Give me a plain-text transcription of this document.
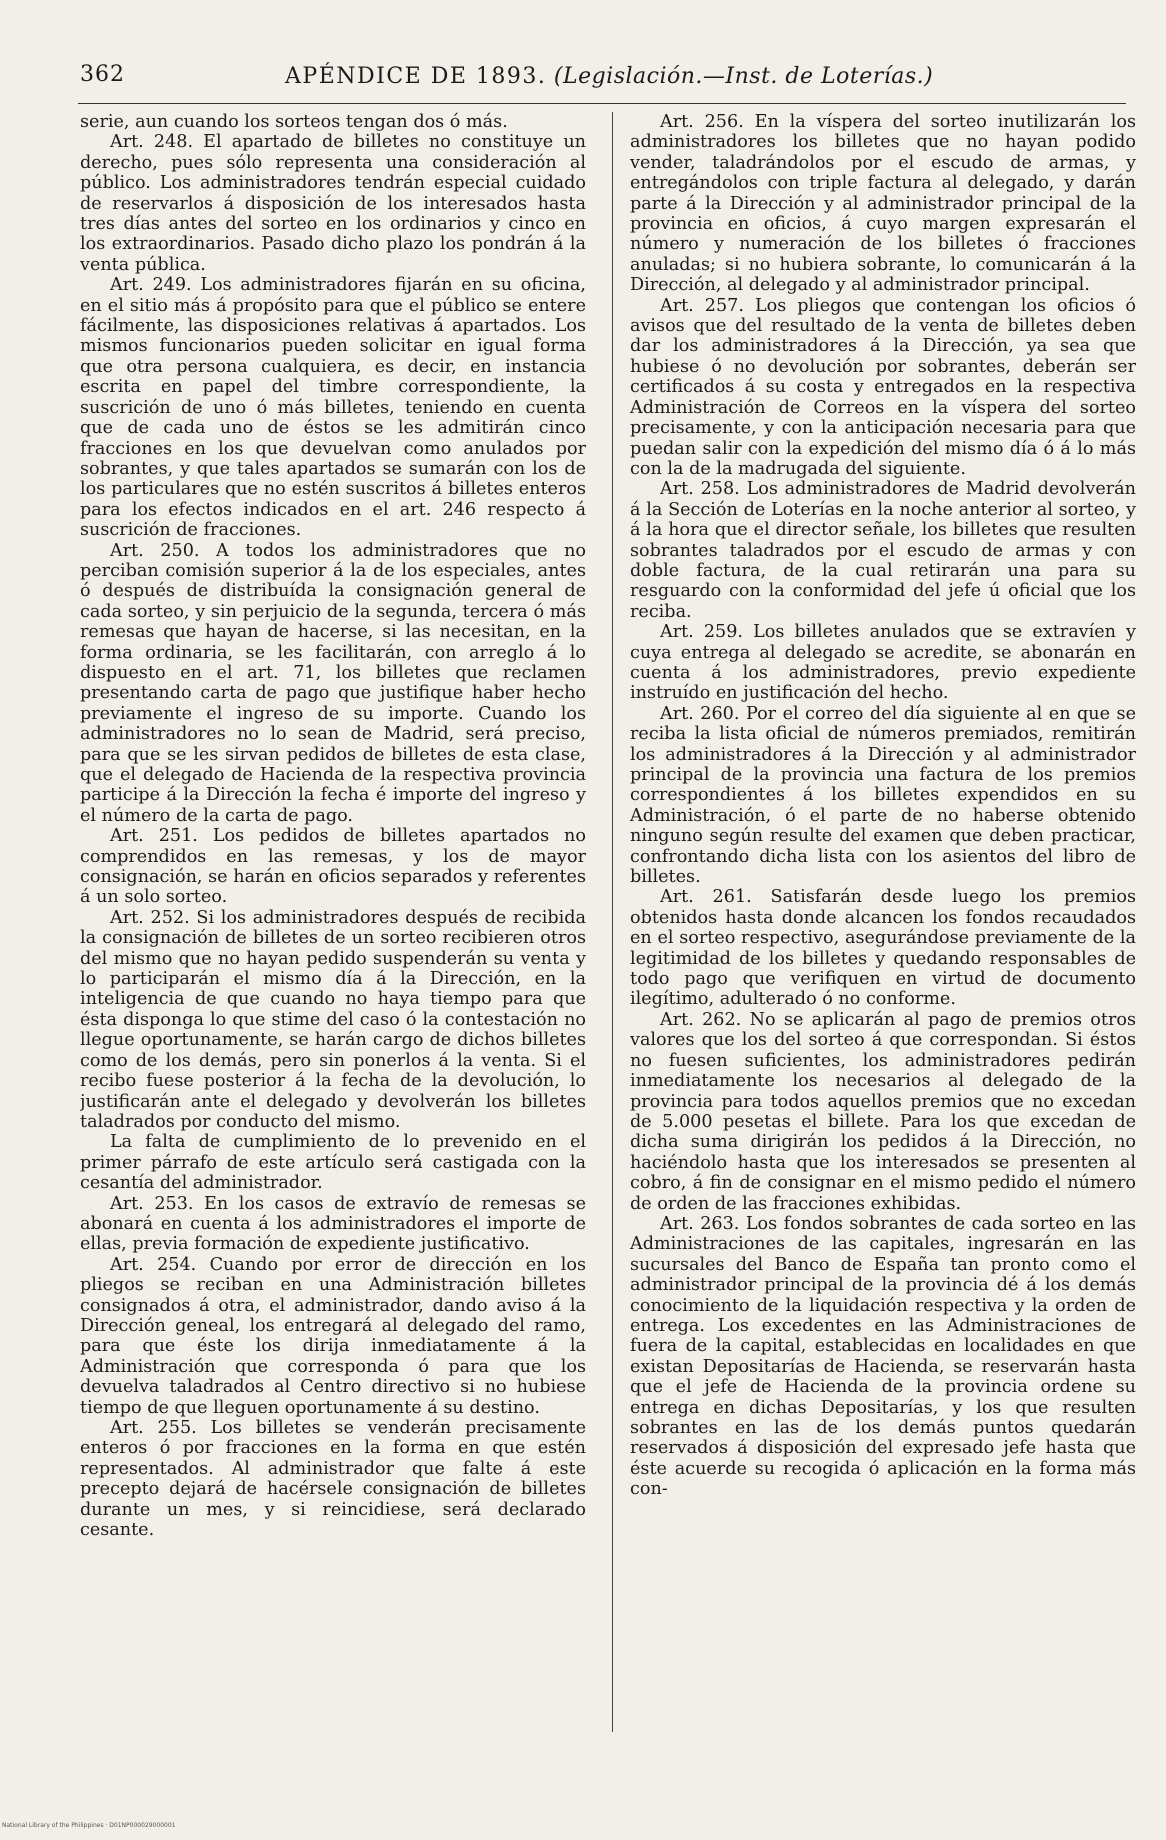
362	APÉNDICE DE 1893. (Legislación.—Inst. de Loterías.)

serie, aun cuando los sorteos tengan dos ó más.

Art. 248. El apartado de billetes no constituye un derecho, pues sólo representa una consideración al público. Los administradores tendrán especial cuidado de reservarlos á disposición de los interesados hasta tres días antes del sorteo en los ordinarios y cinco en los extraordinarios. Pasado dicho plazo los pondrán á la venta pública.

Art. 249. Los administradores fijarán en su oficina, en el sitio más á propósito para que el público se entere fácilmente, las disposiciones relativas á apartados. Los mismos funcionarios pueden solicitar en igual forma que otra persona cualquiera, es decir, en instancia escrita en papel del timbre correspondiente, la suscrición de uno ó más billetes, teniendo en cuenta que de cada uno de éstos se les admitirán cinco fracciones en los que devuelvan como anulados por sobrantes, y que tales apartados se sumarán con los de los particulares que no estén suscritos á billetes enteros para los efectos indicados en el art. 246 respecto á suscrición de fracciones.

Art. 250. A todos los administradores que no perciban comisión superior á la de los especiales, antes ó después de distribuída la consignación general de cada sorteo, y sin perjuicio de la segunda, tercera ó más remesas que hayan de hacerse, si las necesitan, en la forma ordinaria, se les facilitarán, con arreglo á lo dispuesto en el art. 71, los billetes que reclamen presentando carta de pago que justifique haber hecho previamente el ingreso de su importe. Cuando los administradores no lo sean de Madrid, será preciso, para que se les sirvan pedidos de billetes de esta clase, que el delegado de Hacienda de la respectiva provincia participe á la Dirección la fecha é importe del ingreso y el número de la carta de pago.

Art. 251. Los pedidos de billetes apartados no comprendidos en las remesas, y los de mayor consignación, se harán en oficios separados y referentes á un solo sorteo.

Art. 252. Si los administradores después de recibida la consignación de billetes de un sorteo recibieren otros del mismo que no hayan pedido suspenderán su venta y lo participarán el mismo día á la Dirección, en la inteligencia de que cuando no haya tiempo para que ésta disponga lo que stime del caso ó la contestación no llegue oportunamente, se harán cargo de dichos billetes como de los demás, pero sin ponerlos á la venta. Si el recibo fuese posterior á la fecha de la devolución, lo justificarán ante el delegado y devolverán los billetes taladrados por conducto del mismo.

La falta de cumplimiento de lo prevenido en el primer párrafo de este artículo será castigada con la cesantía del administrador.

Art. 253. En los casos de extravío de remesas se abonará en cuenta á los administradores el importe de ellas, previa formación de expediente justificativo.

Art. 254. Cuando por error de dirección en los pliegos se reciban en una Administración billetes consignados á otra, el administrador, dando aviso á la Dirección geneal, los entregará al delegado del ramo, para que éste los dirija inmediatamente á la Administración que corresponda ó para que los devuelva taladrados al Centro directivo si no hubiese tiempo de que lleguen oportunamente á su destino.

Art. 255. Los billetes se venderán precisamente enteros ó por fracciones en la forma en que estén representados. Al administrador que falte á este precepto dejará de hacérsele consignación de billetes durante un mes, y si reincidiese, será declarado cesante.

Art. 256. En la víspera del sorteo inutilizarán los administradores los billetes que no hayan podido vender, taladrándolos por el escudo de armas, y entregándolos con triple factura al delegado, y darán parte á la Dirección y al administrador principal de la provincia en oficios, á cuyo margen expresarán el número y numeración de los billetes ó fracciones anuladas; si no hubiera sobrante, lo comunicarán á la Dirección, al delegado y al administrador principal.

Art. 257. Los pliegos que contengan los oficios ó avisos que del resultado de la venta de billetes deben dar los administradores á la Dirección, ya sea que hubiese ó no devolución por sobrantes, deberán ser certificados á su costa y entregados en la respectiva Administración de Correos en la víspera del sorteo precisamente, y con la anticipación necesaria para que puedan salir con la expedición del mismo día ó á lo más con la de la madrugada del siguiente.

Art. 258. Los administradores de Madrid devolverán á la Sección de Loterías en la noche anterior al sorteo, y á la hora que el director señale, los billetes que resulten sobrantes taladrados por el escudo de armas y con doble factura, de la cual retirarán una para su resguardo con la conformidad del jefe ú oficial que los reciba.

Art. 259. Los billetes anulados que se extravíen y cuya entrega al delegado se acredite, se abonarán en cuenta á los administradores, previo expediente instruído en justificación del hecho.

Art. 260. Por el correo del día siguiente al en que se reciba la lista oficial de números premiados, remitirán los administradores á la Dirección y al administrador principal de la provincia una factura de los premios correspondientes á los billetes expendidos en su Administración, ó el parte de no haberse obtenido ninguno según resulte del examen que deben practicar, confrontando dicha lista con los asientos del libro de billetes.

Art. 261. Satisfarán desde luego los premios obtenidos hasta donde alcancen los fondos recaudados en el sorteo respectivo, asegurándose previamente de la legitimidad de los billetes y quedando responsables de todo pago que verifiquen en virtud de documento ilegítimo, adulterado ó no conforme.

Art. 262. No se aplicarán al pago de premios otros valores que los del sorteo á que correspondan. Si éstos no fuesen suficientes, los administradores pedirán inmediatamente los necesarios al delegado de la provincia para todos aquellos premios que no excedan de 5.000 pesetas el billete. Para los que excedan de dicha suma dirigirán los pedidos á la Dirección, no haciéndolo hasta que los interesados se presenten al cobro, á fin de consignar en el mismo pedido el número de orden de las fracciones exhibidas.

Art. 263. Los fondos sobrantes de cada sorteo en las Administraciones de las capitales, ingresarán en las sucursales del Banco de España tan pronto como el administrador principal de la provincia dé á los demás conocimiento de la liquidación respectiva y la orden de entrega. Los excedentes en las Administraciones de fuera de la capital, establecidas en localidades en que existan Depositarías de Hacienda, se reservarán hasta que el jefe de Hacienda de la provincia ordene su entrega en dichas Depositarías, y los que resulten sobrantes en las de los demás puntos quedarán reservados á disposición del expresado jefe hasta que éste acuerde su recogida ó aplicación en la forma más con-

National Library of the Philippines · D01NP000029000001
